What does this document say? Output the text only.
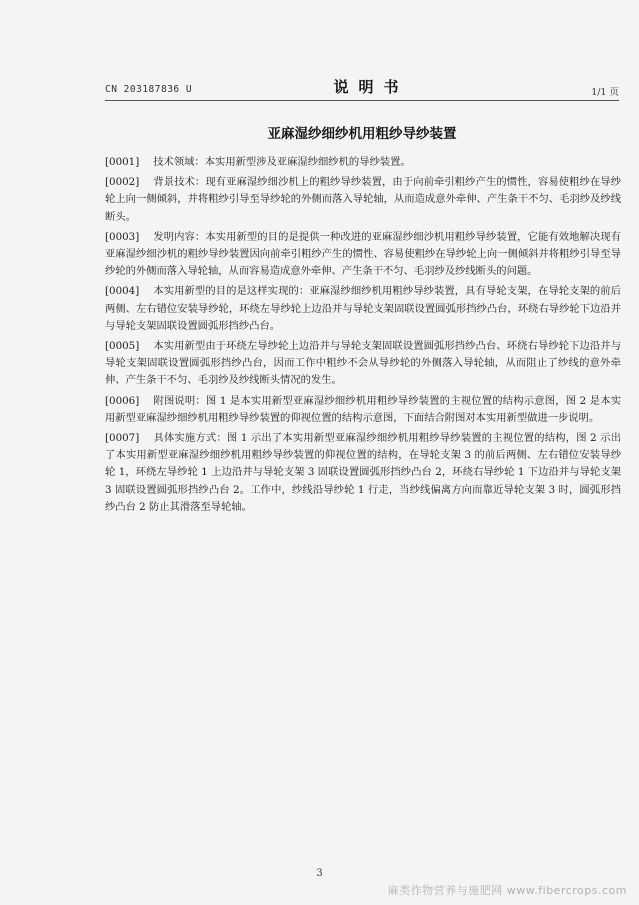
CN 203187836 U	说明书	1/1 页
亚麻湿纱细纱机用粗纱导纱装置

[0001] 技术领域：本实用新型涉及亚麻湿纱细纱机的导纱装置。

[0002] 背景技术：现有亚麻湿纱细沙机上的粗纱导纱装置，由于向前牵引粗纱产生的惯性，容易使粗纱在导纱轮上向一侧倾斜，并将粗纱引导至导纱轮的外侧而落入导轮轴，从而造成意外牵伸、产生条干不匀、毛羽纱及纱线断头。

[0003] 发明内容：本实用新型的目的是提供一种改进的亚麻湿纱细沙机用粗纱导纱装置，它能有效地解决现有亚麻湿纱细沙机的粗纱导纱装置因向前牵引粗纱产生的惯性、容易使粗纱在导纱轮上向一侧倾斜并将粗纱引导至导纱轮的外侧而落入导轮轴，从而容易造成意外牵伸、产生条干不匀、毛羽纱及纱线断头的问题。

[0004] 本实用新型的目的是这样实现的：亚麻湿纱细纱机用粗纱导纱装置，具有导轮支架，在导轮支架的前后两侧、左右错位安装导纱轮，环绕左导纱轮上边沿并与导轮支架固联设置圆弧形挡纱凸台，环绕右导纱轮下边沿并与导轮支架固联设置圆弧形挡纱凸台。

[0005] 本实用新型由于环绕左导纱轮上边沿并与导轮支架固联设置圆弧形挡纱凸台、环绕右导纱轮下边沿并与导轮支架固联设置圆弧形挡纱凸台，因而工作中粗纱不会从导纱轮的外侧落入导轮轴，从而阻止了纱线的意外牵伸、产生条干不匀、毛羽纱及纱线断头情况的发生。

[0006] 附图说明：图 1 是本实用新型亚麻湿纱细纱机用粗纱导纱装置的主视位置的结构示意图，图 2 是本实用新型亚麻湿纱细纱机用粗纱导纱装置的仰视位置的结构示意图，下面结合附图对本实用新型做进一步说明。

[0007] 具体实施方式：图 1 示出了本实用新型亚麻湿纱细纱机用粗纱导纱装置的主视位置的结构，图 2 示出了本实用新型亚麻湿纱细纱机用粗纱导纱装置的仰视位置的结构，在导轮支架 3 的前后两侧、左右错位安装导纱轮 1，环绕左导纱轮 1 上边沿并与导轮支架 3 固联设置圆弧形挡纱凸台 2，环绕右导纱轮 1 下边沿并与导轮支架 3 固联设置圆弧形挡纱凸台 2。工作中，纱线沿导纱轮 1 行走，当纱线偏离方向而靠近导轮支架 3 时，圆弧形挡纱凸台 2 防止其滑落至导轮轴。

3
麻类作物营养与施肥网 www.fibercrops.com
